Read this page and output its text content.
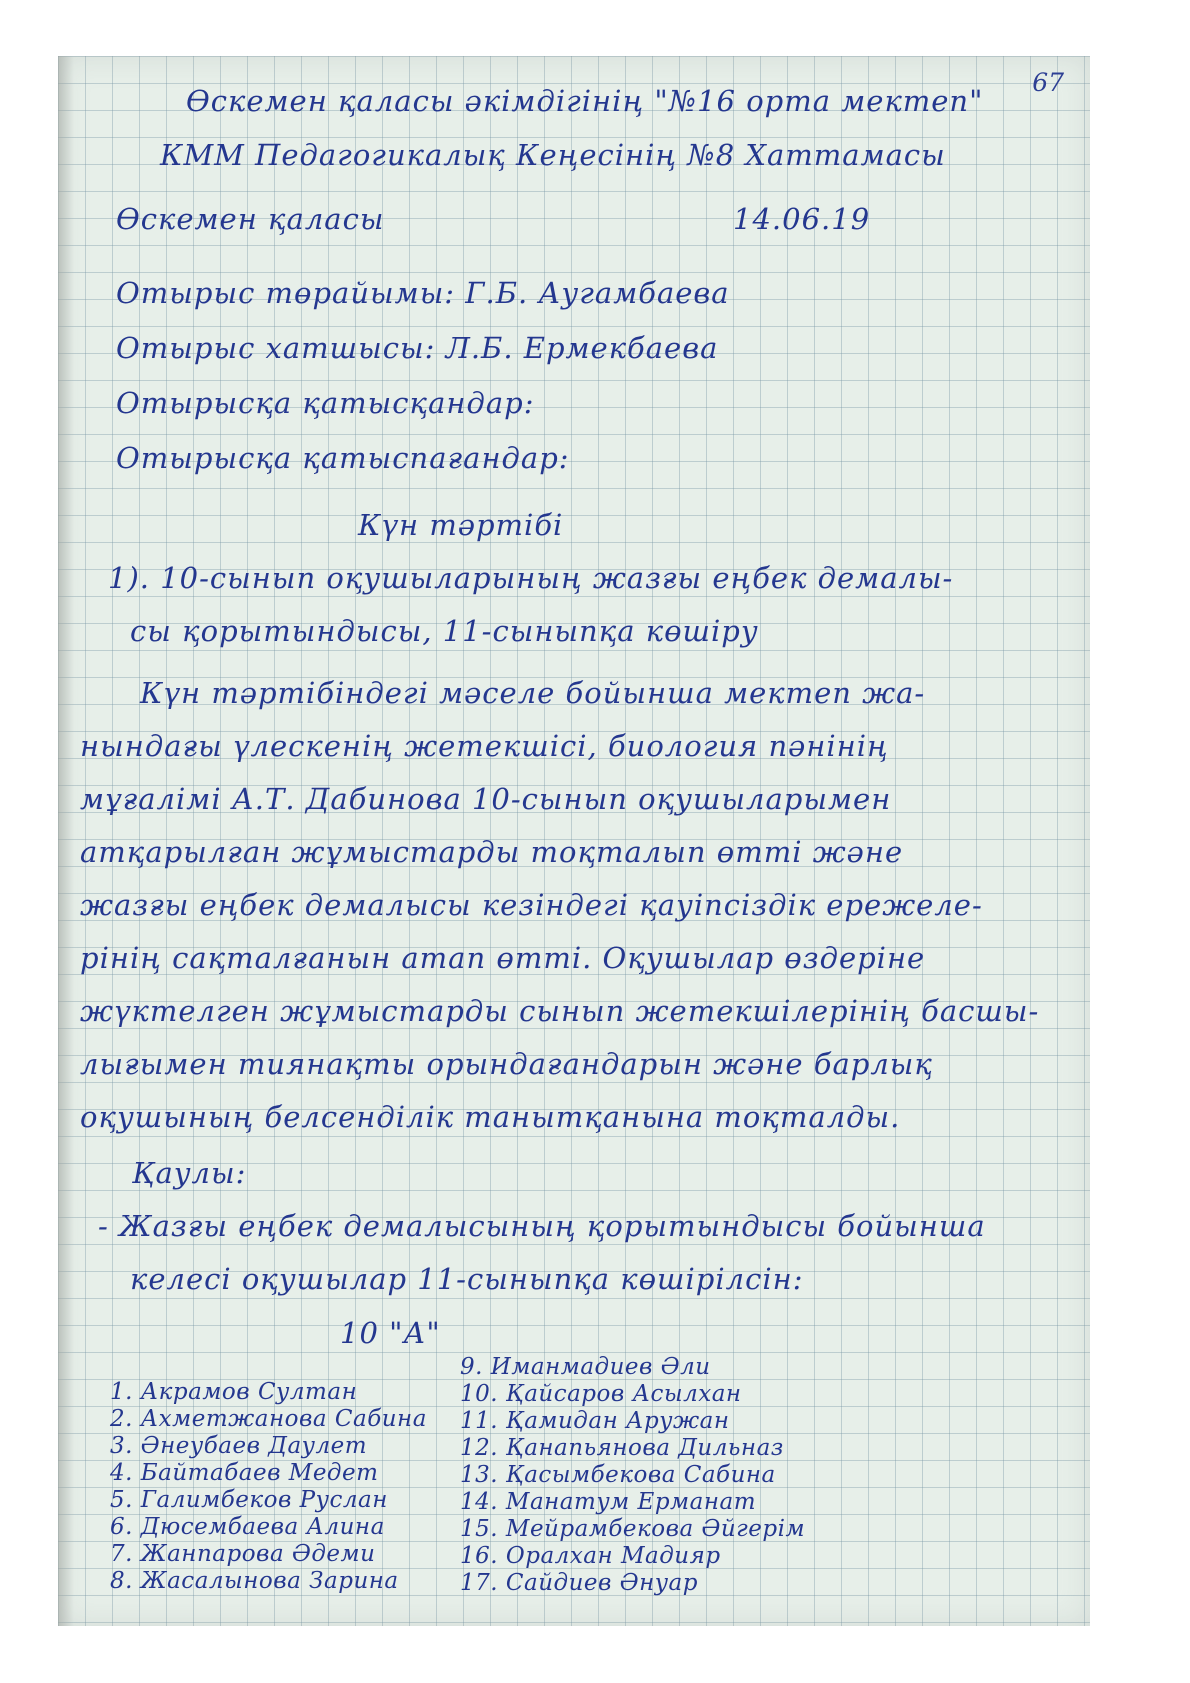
67
Өскемен қаласы әкімдігінің "№16 орта мектеп"
КММ Педагогикалық Кеңесінің №8 Хаттамасы
Өскемен қаласы	14.06.19
Отырыс төрайымы: Г.Б. Аугамбаева
Отырыс хатшысы: Л.Б. Ермекбаева
Отырысқа қатысқандар:
Отырысқа қатыспағандар:
Күн тәртібі
1). 10-сынып оқушыларының жазғы еңбек демалы-
сы қорытындысы, 11-сыныпқа көшіру
Күн тәртібіндегі мәселе бойынша мектеп жа-
нындағы үлескенің жетекшісі, биология пәнінің
мұғалімі А.Т. Дабинова 10-сынып оқушыларымен
атқарылған жұмыстарды тоқталып өтті және
жазғы еңбек демалысы кезіндегі қауіпсіздік ережеле-
рінің сақталғанын атап өтті. Оқушылар өздеріне
жүктелген жұмыстарды сынып жетекшілерінің басшы-
лығымен тиянақты орындағандарын және барлық
оқушының белсенділік танытқанына тоқталды.
Қаулы:
- Жазғы еңбек демалысының қорытындысы бойынша
келесі оқушылар 11-сыныпқа көшірілсін:
10 "А"
1. Акрамов Султан
2. Ахметжанова Сабина
3. Әнеубаев Даулет
4. Байтабаев Медет
5. Галимбеков Руслан
6. Дюсембаева Алина
7. Жанпарова Әдеми
8. Жасалынова Зарина
9. Иманмадиев Әли
10. Қайсаров Асылхан
11. Қамидан Аружан
12. Қанапьянова Дильназ
13. Қасымбекова Сабина
14. Манатум Ерманат
15. Мейрамбекова Әйгерім
16. Оралхан Мадияр
17. Сайдиев Әнуар
